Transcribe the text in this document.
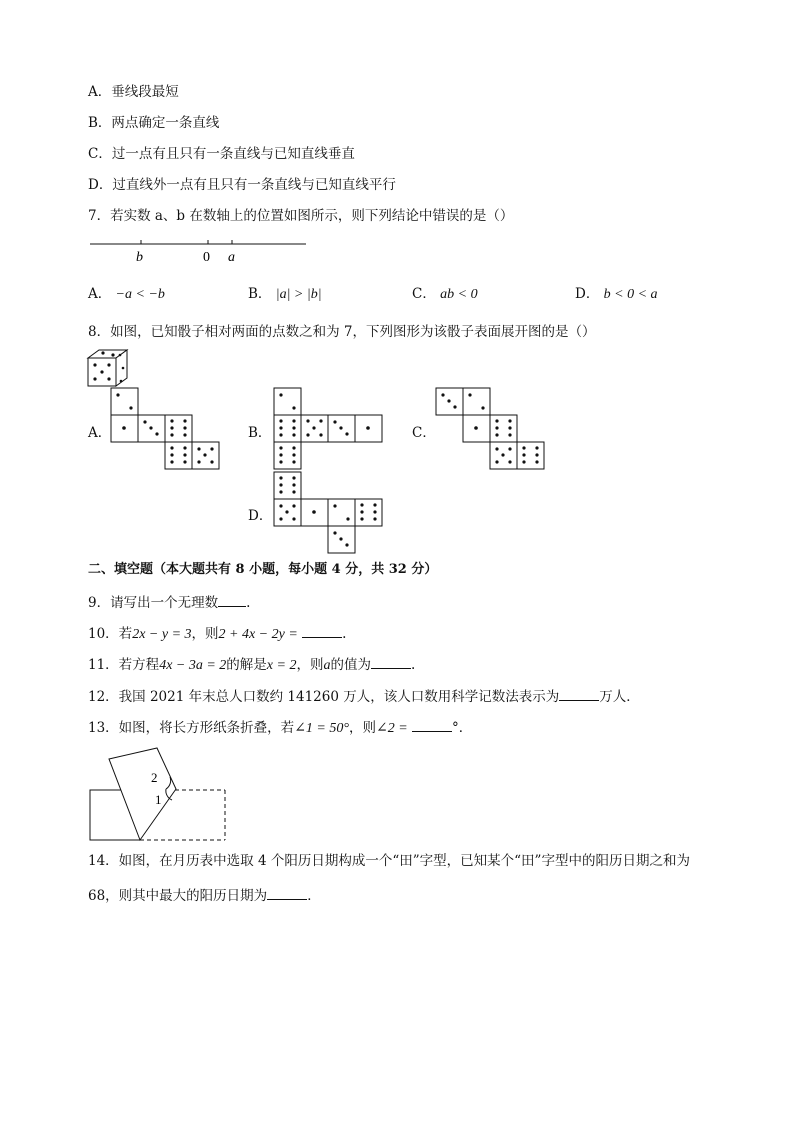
A．垂线段最短
B．两点确定一条直线
C．过一点有且只有一条直线与已知直线垂直
D．过直线外一点有且只有一条直线与已知直线平行
7．若实数 a、b 在数轴上的位置如图所示，则下列结论中错误的是（）
b	0 a
2
1
A． −a < −b	B． |a| > |b|	C． ab < 0	D． b < 0 < a
8．如图，已知骰子相对两面的点数之和为 7，下列图形为该骰子表面展开图的是（）
A．	B．	C．
D．
二、填空题（本大题共有 8 小题，每小题 4 分，共 32 分）
9．请写出一个无理数 .
10．若2x − y = 3，则2 + 4x − 2y =	.
11．若方程4x − 3a = 2的解是x = 2，则a的值为	.
12．我国 2021 年末总人口数约 141260 万人，该人口数用科学记数法表示为	万人．
13．如图，将长方形纸条折叠，若∠1 = 50°，则∠2 =	°．
14．如图，在月历表中选取 4 个阳历日期构成一个“田”字型，已知某个“田”字型中的阳历日期之和为
68，则其中最大的阳历日期为	．
